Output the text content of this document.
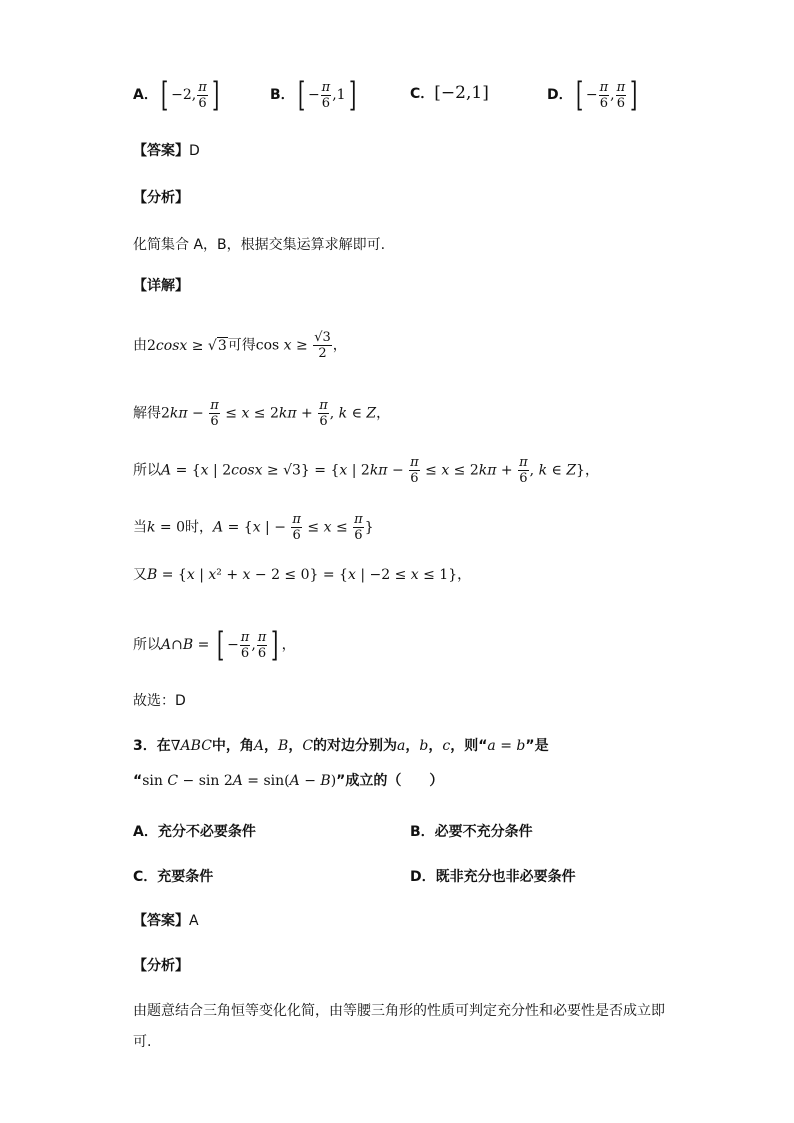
A．[ −2, $\frac{\pi}{6}$ ]	B．[ − $\frac{\pi}{6} ,1$]	C．[−2,1]	D．[ − $\frac{\pi}{6}$ , $\frac{\pi}{6}$ ]
【答案】D
【分析】
化简集合 A，B，根据交集运算求解即可.
【详解】
由2cosx ≥ √3可得$\cos x \ge \frac{√3}{2}$ ，
解得$2k\pi - \frac{\pi}{6} \le x \le 2k\pi + \frac{\pi}{6}$ , k ∈ Z，
所以A = {x | 2cosx ≥ √3} = {x | $2k\pi - \frac{\pi}{6} \le x \le 2k\pi + \frac{\pi}{6}$ , k ∈ Z}，
当k = 0时，A = {x | − $\frac{\pi}{6} \le x \le \frac{\pi}{6}$ }
又B = {x | x² + x − 2 ≤ 0} = {x | −2 ≤ x ≤ 1}，
所以A∩B = [ − $\frac{\pi}{6}$ , $\frac{\pi}{6}$ ] ，
故选：D
3．在∇ABC中，角A，B，C的对边分别为a，b，c，则“a = b”是
“sin C − sin 2A = sin(A − B)”成立的（　　）
A．充分不必要条件	B．必要不充分条件
C．充要条件	D．既非充分也非必要条件
【答案】A
【分析】
由题意结合三角恒等变化化简，由等腰三角形的性质可判定充分性和必要性是否成立即
可.
